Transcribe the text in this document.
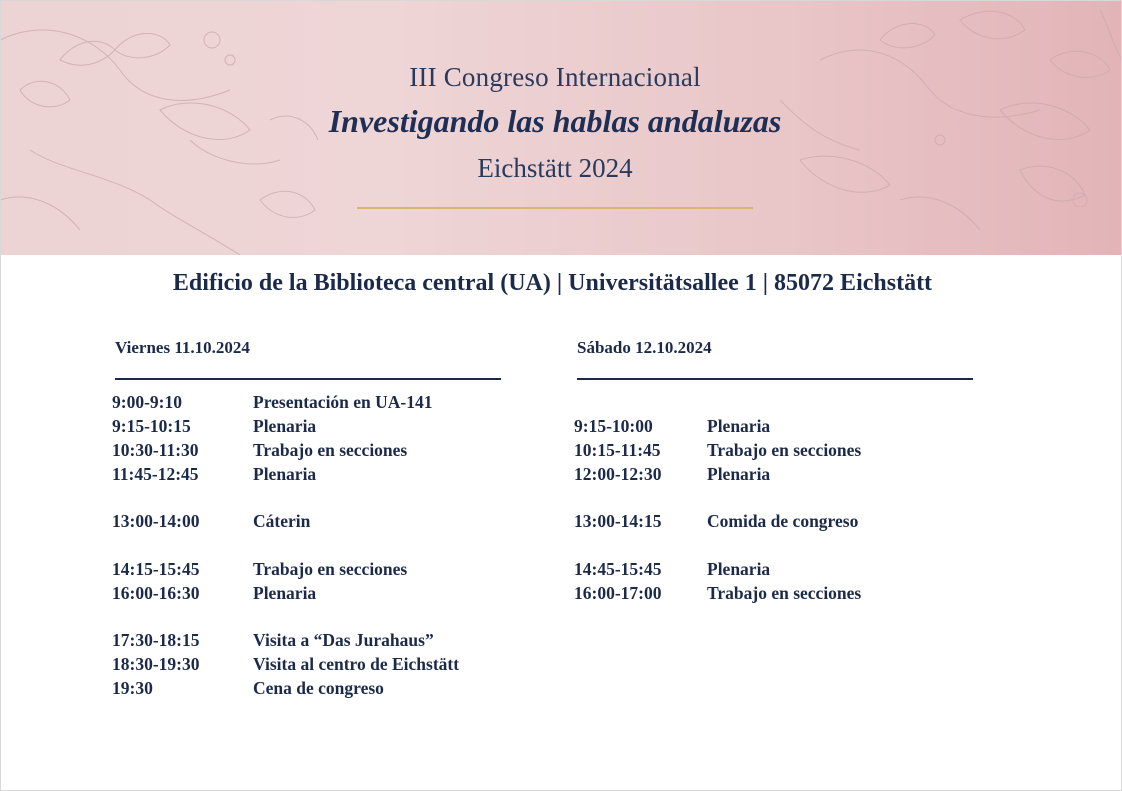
III Congreso Internacional
Investigando las hablas andaluzas
Eichstätt 2024
Edificio de la Biblioteca central (UA) | Universitätsallee 1 | 85072 Eichstätt
Viernes 11.10.2024
9:00-9:10	Presentación en UA-141
9:15-10:15	Plenaria
10:30-11:30	Trabajo en secciones
11:45-12:45	Plenaria
13:00-14:00	Cáterin
14:15-15:45	Trabajo en secciones
16:00-16:30	Plenaria
17:30-18:15	Visita a “Das Jurahaus”
18:30-19:30	Visita al centro de Eichstätt
19:30	Cena de congreso
Sábado 12.10.2024
9:15-10:00	Plenaria
10:15-11:45	Trabajo en secciones
12:00-12:30	Plenaria
13:00-14:15	Comida de congreso
14:45-15:45	Plenaria
16:00-17:00	Trabajo en secciones
